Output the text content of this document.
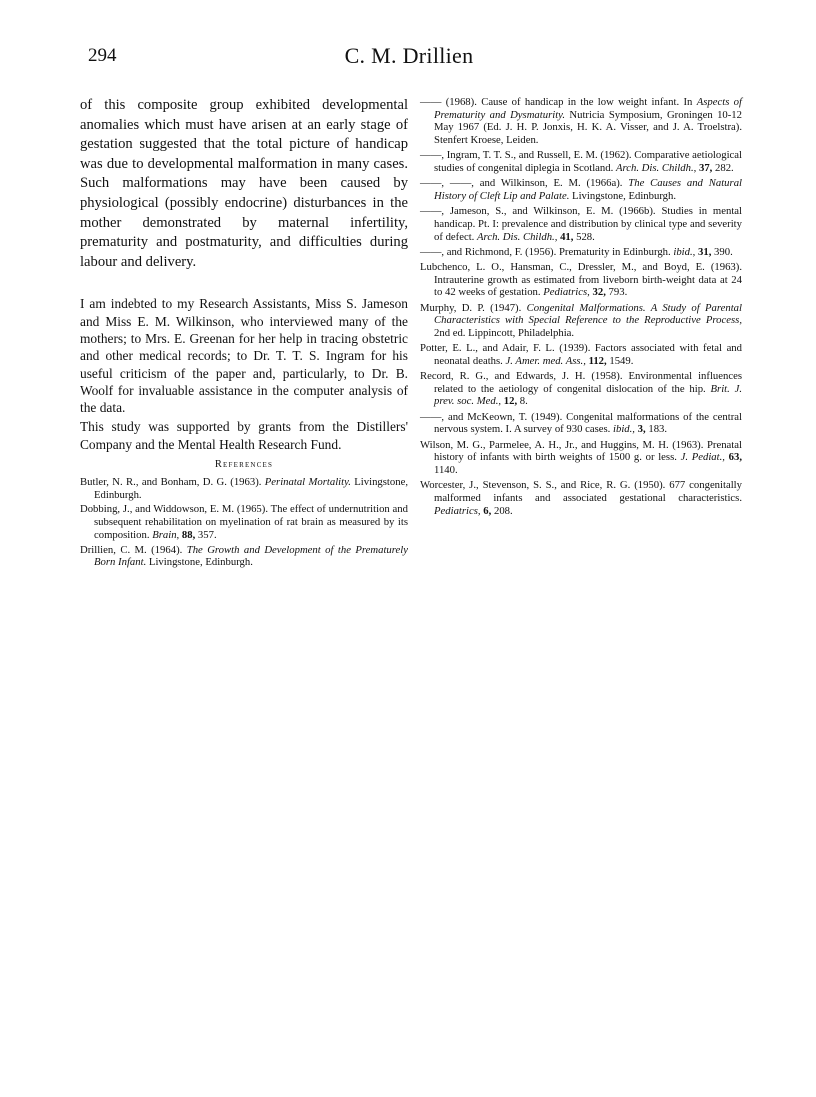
294	C. M. Drillien

of this composite group exhibited developmental anomalies which must have arisen at an early stage of gestation suggested that the total picture of handicap was due to developmental malformation in many cases. Such malformations may have been caused by physiological (possibly endocrine) disturbances in the mother demonstrated by maternal infertility, prematurity and postmaturity, and difficulties during labour and delivery.

I am indebted to my Research Assistants, Miss S. Jameson and Miss E. M. Wilkinson, who interviewed many of the mothers; to Mrs. E. Greenan for her help in tracing obstetric and other medical records; to Dr. T. T. S. Ingram for his useful criticism of the paper and, particularly, to Dr. B. Woolf for invaluable assistance in the computer analysis of the data.

This study was supported by grants from the Distillers' Company and the Mental Health Research Fund.

References

Butler, N. R., and Bonham, D. G. (1963). Perinatal Mortality. Livingstone, Edinburgh.

Dobbing, J., and Widdowson, E. M. (1965). The effect of undernutrition and subsequent rehabilitation on myelination of rat brain as measured by its composition. Brain, 88, 357.

Drillien, C. M. (1964). The Growth and Development of the Prematurely Born Infant. Livingstone, Edinburgh.

—— (1968). Cause of handicap in the low weight infant. In Aspects of Prematurity and Dysmaturity. Nutricia Symposium, Groningen 10-12 May 1967 (Ed. J. H. P. Jonxis, H. K. A. Visser, and J. A. Troelstra). Stenfert Kroese, Leiden.

——, Ingram, T. T. S., and Russell, E. M. (1962). Comparative aetiological studies of congenital diplegia in Scotland. Arch. Dis. Childh., 37, 282.

——, ——, and Wilkinson, E. M. (1966a). The Causes and Natural History of Cleft Lip and Palate. Livingstone, Edinburgh.

——, Jameson, S., and Wilkinson, E. M. (1966b). Studies in mental handicap. Pt. I: prevalence and distribution by clinical type and severity of defect. Arch. Dis. Childh., 41, 528.

——, and Richmond, F. (1956). Prematurity in Edinburgh. ibid., 31, 390.

Lubchenco, L. O., Hansman, C., Dressler, M., and Boyd, E. (1963). Intrauterine growth as estimated from liveborn birth-weight data at 24 to 42 weeks of gestation. Pediatrics, 32, 793.

Murphy, D. P. (1947). Congenital Malformations. A Study of Parental Characteristics with Special Reference to the Reproductive Process, 2nd ed. Lippincott, Philadelphia.

Potter, E. L., and Adair, F. L. (1939). Factors associated with fetal and neonatal deaths. J. Amer. med. Ass., 112, 1549.

Record, R. G., and Edwards, J. H. (1958). Environmental influences related to the aetiology of congenital dislocation of the hip. Brit. J. prev. soc. Med., 12, 8.

——, and McKeown, T. (1949). Congenital malformations of the central nervous system. I. A survey of 930 cases. ibid., 3, 183.

Wilson, M. G., Parmelee, A. H., Jr., and Huggins, M. H. (1963). Prenatal history of infants with birth weights of 1500 g. or less. J. Pediat., 63, 1140.

Worcester, J., Stevenson, S. S., and Rice, R. G. (1950). 677 congenitally malformed infants and associated gestational characteristics. Pediatrics, 6, 208.
